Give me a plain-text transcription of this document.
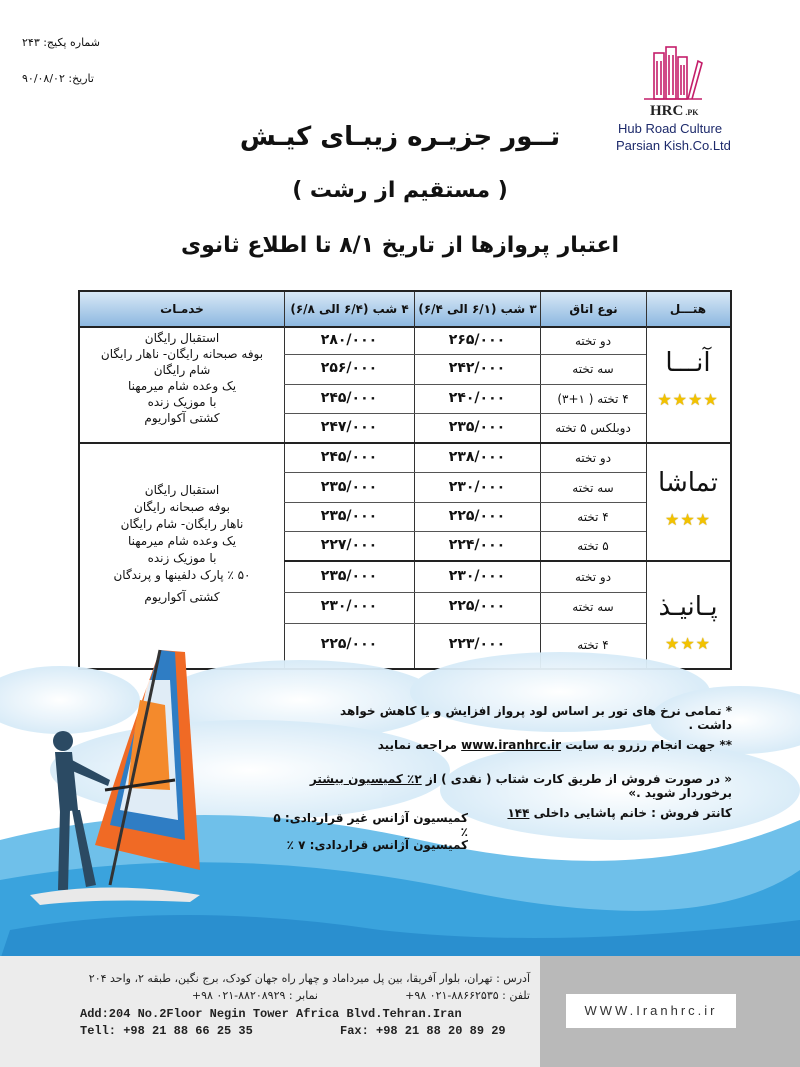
شماره پکیج: ۲۴۳
تاریخ: ۹۰/۰۸/۰۲
HRC .PK
Hub Road Culture
Parsian Kish.Co.Ltd
تــور جزیـره زیبـای کیـش
( مستقیم از رشت )
اعتبار پروازها از تاریخ ۸/۱ تا اطلاع ثانوی
هتـــل
نوع اتاق
۳ شب (۶/۱ الی ۶/۴)
۴ شب (۶/۴ الی ۶/۸)
خدمـات
آنـــا
★★★★
دو تخته
۲۶۵/۰۰۰
۲۸۰/۰۰۰
سه تخته
۲۴۲/۰۰۰
۲۵۶/۰۰۰
۴ تخته ( ۱+۳)
۲۴۰/۰۰۰
۲۴۵/۰۰۰
دوبلکس ۵ تخته
۲۳۵/۰۰۰
۲۴۷/۰۰۰
استقبال رایگان
بوفه صبحانه رایگان- ناهار رایگان
شام رایگان
یک وعده شام میرمهنا
با موزیک زنده
کشتی آکواریوم
تماشا
★★★
دو تخته
۲۳۸/۰۰۰
۲۴۵/۰۰۰
سه تخته
۲۳۰/۰۰۰
۲۳۵/۰۰۰
۴ تخته
۲۲۵/۰۰۰
۲۳۵/۰۰۰
۵ تخته
۲۲۴/۰۰۰
۲۲۷/۰۰۰
استقبال رایگان
بوفه صبحانه رایگان
ناهار رایگان- شام رایگان
یک وعده شام میرمهنا
با موزیک زنده
۵۰ ٪ پارک دلفینها و پرندگان
کشتی آکواریوم	پـانیـذ
★★★
دو تخته
۲۳۰/۰۰۰
۲۳۵/۰۰۰
سه تخته
۲۲۵/۰۰۰
۲۳۰/۰۰۰
۴ تخته
۲۲۳/۰۰۰
۲۲۵/۰۰۰
* تمامی نرخ های تور بر اساس لود پرواز افزایش و یا کاهش خواهد داشت .
** جهت انجام رزرو به سایت www.iranhrc.ir مراجعه نمایید
« در صورت فروش از طریق کارت شتاب ( نقدی ) از ۲٪ کمیسیون بیشتر برخوردار شوید .»
کانتر فروش : خانم پاشایی داخلی ۱۴۴
کمیسیون آژانس غیر قراردادی: ۵ ٪
کمیسیون آژانس قراردادی: ۷ ٪
WWW.Iranhrc.ir
آدرس : تهران، بلوار آفریقا، بین پل میرداماد و چهار راه جهان کودک، برج نگین، طبقه ۲، واحد ۲۰۴
تلفن : ۸۸۶۶۲۵۳۵-۰۲۱ ۹۸+
نمابر : ۸۸۲۰۸۹۲۹-۰۲۱ ۹۸+
Add:204 No.2Floor Negin Tower Africa Blvd.Tehran.Iran
Tell: +98 21 88 66 25 35	Fax: +98 21 88 20 89 29
